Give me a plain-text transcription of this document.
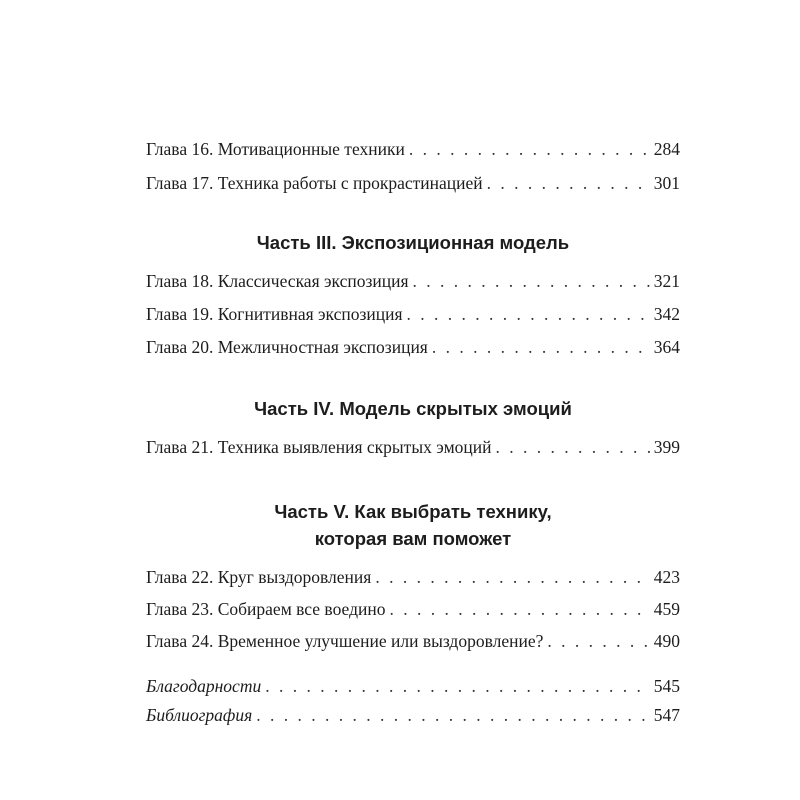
Глава 16. Мотивационные техники . . .	284
Глава 17. Техника работы с прокрастинацией . . .	301
Часть III. Экспозиционная модель
Глава 18. Классическая экспозиция . . .	321
Глава 19. Когнитивная экспозиция . . .	342
Глава 20. Межличностная экспозиция . . .	364
Часть IV. Модель скрытых эмоций
Глава 21. Техника выявления скрытых эмоций . . .	399
Часть V. Как выбрать технику,
которая вам поможет
Глава 22. Круг выздоровления . . .	423
Глава 23. Собираем все воедино . . .	459
Глава 24. Временное улучшение или выздоровление? . . .	490
Благодарности . . .	545
Библиография . . .	547
